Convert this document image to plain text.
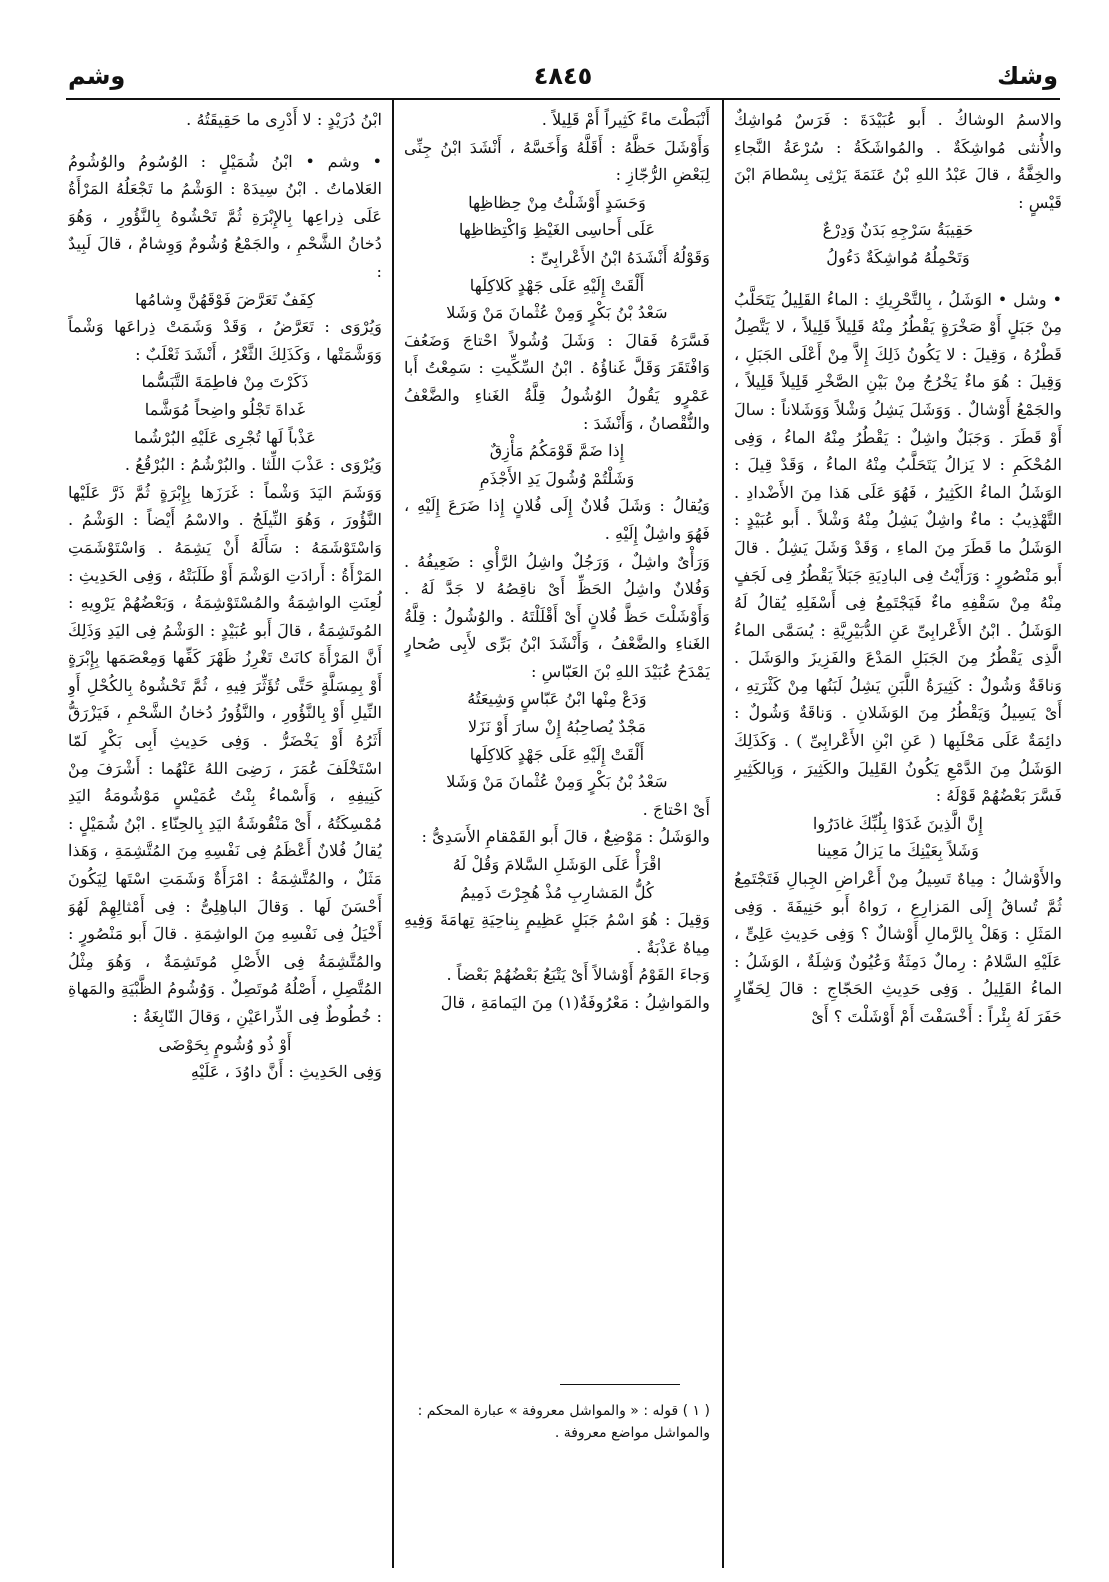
وشك
٤٨٤٥
وشم

والاسمُ الوشاكُ . أَبو عُبَيْدَةَ : فَرَسٌ مُواشِكٌ والأُنثى مُواشِكَةٌ . والمُواشَكَةُ : سُرْعَةُ النَّجاءِ والخِفَّةُ ، قالَ عَبْدُ اللهِ بْنُ عَنَمَةَ يَرْثِى بِسْطامَ ابْنَ قَيْسٍ :

حَقِيبَةُ سَرْجِهِ بَدَنٌ وَدِرْعٌ

وَتَحْمِلُهُ مُواشِكَةٌ دَءُولُ

• وشل • الوَشَلُ ، بِالتَّحْرِيكِ : الماءُ القَلِيلُ يَتَحَلَّبُ مِنْ جَبَلٍ أَوْ صَخْرَةٍ يَقْطُرُ مِنْهُ قَلِيلاً قَلِيلاً ، لا يَتَّصِلُ قَطْرُهُ ، وَقِيلَ : لا يَكُونُ ذَلِكَ إِلاَّ مِنْ أَعْلَى الجَبَلِ ، وَقِيلَ : هُوَ ماءٌ يَخْرُجُ مِنْ بَيْنِ الصَّخْرِ قَلِيلاً قَلِيلاً ، والجَمْعُ أَوْشالٌ . وَوَشَلَ يَشِلُ وَشْلاً وَوَشَلاناً : سالَ أَوْ قَطَرَ . وَجَبَلٌ واشِلٌ : يَقْطُرُ مِنْهُ الماءُ ، وَفِى المُحْكَمِ : لا يَزالُ يَتَحَلَّبُ مِنْهُ الماءُ ، وَقَدْ قِيلَ : الوَشَلُ الماءُ الكَثِيرُ ، فَهُوَ عَلَى هَذا مِنَ الأَضْدادِ . التَّهْذِيبُ : ماءٌ واشِلٌ يَشِلُ مِنْهُ وَشْلاً . أَبو عُبَيْدٍ : الوَشَلُ ما قَطَرَ مِنَ الماءِ ، وَقَدْ وَشَلَ يَشِلُ . قالَ أَبو مَنْصُورٍ : وَرَأَيْتُ فِى البادِيَةِ جَبَلاً يَقْطُرُ فِى لَجَفٍ مِنْهُ مِنْ سَقْفِهِ ماءٌ فَيَجْتَمِعُ فِى أَسْفَلِهِ يُقالُ لَهُ الوَشَلُ . ابْنُ الأَعْرابِىِّ عَنِ الدُّبَيْرِيَّةِ : يُسَمَّى الماءُ الَّذِى يَقْطُرُ مِنَ الجَبَلِ المَدْعَ والفَزِيزَ والوَشَلَ . وَناقَةٌ وَشُولٌ : كَثِيرَةُ اللَّبَنِ يَشِلُ لَبَنُها مِنْ كَثْرَتِهِ ، أَىْ يَسِيلُ وَيَقْطُرُ مِنَ الوَشَلانِ . وَناقَةٌ وَشُولٌ : دائِمَةٌ عَلَى مَحْلَبِها ( عَنِ ابْنِ الأَعْرابِىِّ ) . وَكَذَلِكَ الوَشَلُ مِنَ الدَّمْعِ يَكُونُ القَلِيلَ والكَثِيرَ ، وَبِالكَثِيرِ فَسَّرَ بَعْضُهُمْ قَوْلَهُ :

إِنَّ الَّذِينَ غَدَوْا بِلُبِّكَ غادَرُوا

وَشَلاً بِعَيْنِكَ ما يَزالُ مَعِينا

والأَوْشالُ : مِياهٌ تَسِيلُ مِنْ أَعْراضِ الجِبالِ فَتَجْتَمِعُ ثُمَّ تُساقُ إِلَى المَزارِعِ ، رَواهُ أَبو حَنِيفَةَ . وَفِى المَثَلِ : وَهَلْ بِالرَّمالِ أَوْشالٌ ؟ وَفِى حَدِيثِ عَلِىٍّ ، عَلَيْهِ السَّلامُ : رِمالٌ دَمِثَةٌ وَعُيُونٌ وَشِلَةٌ ، الوَشَلُ : الماءُ القَلِيلُ . وَفِى حَدِيثِ الحَجّاجِ : قالَ لِحَفّارٍ حَفَرَ لَهُ بِئْراً : أَخْسَفْتَ أَمْ أَوْشَلْتَ ؟ أَىْ

أَنْبَطْتَ ماءً كَثِيراً أَمْ قَلِيلاً .

وَأَوْشَلَ حَظَّهُ : أَقَلَّهُ وَأَخَسَّهُ ، أَنْشَدَ ابْنُ جِنِّى لِبَعْضِ الرُّجّازِ :

وَحَسَدٍ أَوْشَلْتُ مِنْ حِظاظِها

عَلَى أَحاسِى الغَيْظِ وَاكْتِظاظِها

وَقَوْلُهُ أَنْشَدَهُ ابْنُ الأَعْرابِىِّ :

أَلْقَتْ إِلَيْهِ عَلَى جَهْدٍ كَلاكِلَها

سَعْدُ بْنُ بَكْرٍ وَمِنْ عُثْمانَ مَنْ وَشَلا

فَسَّرَهُ فَقالَ : وَشَلَ وُشُولاً احْتاجَ وَضَعُفَ وَافْتَقَرَ وَقَلَّ غَناؤُهُ . ابْنُ السِّكِّيتِ : سَمِعْتُ أَبا عَمْرٍو يَقُولُ الوُشُولُ قِلَّةُ الغَناءِ والضَّعْفُ والنُّقْصانُ ، وَأَنْشَدَ :

إِذا ضَمَّ قَوْمَكُمُ مَأْزِقٌ

وَشَلْتُمْ وُشُولَ يَدِ الأَجْذَمِ

وَيُقالُ : وَشَلَ فُلانٌ إِلَى فُلانٍ إِذا ضَرَعَ إِلَيْهِ ، فَهُوَ واشِلٌ إِلَيْهِ .

وَرَأْىٌ واشِلٌ ، وَرَجُلٌ واشِلُ الرَّأْىِ : ضَعِيفُهُ . وَفُلانٌ واشِلُ الحَظِّ أَىْ ناقِصُهُ لا جَدَّ لَهُ . وَأَوْشَلْتَ حَظَّ فُلانٍ أَىْ أَقْلَلْتَهُ . والوُشُولُ : قِلَّةُ الغَناءِ والضَّعْفُ ، وَأَنْشَدَ ابْنُ بَرِّى لأَبِى صُحارٍ يَمْدَحُ عُبَيْدَ اللهِ بْنَ العَبّاسِ :

وَدَعْ مِنْها ابْنُ عَبّاسٍ وَشِيعَتُهُ

مَجْدٌ يُصاحِبُهُ إِنْ سارَ أَوْ نَزَلا

أَلْقَتْ إِلَيْهِ عَلَى جَهْدٍ كَلاكِلَها

سَعْدُ بْنُ بَكْرٍ وَمِنْ عُثْمانَ مَنْ وَشَلا

أَىْ احْتاجَ .

والوَشَلُ : مَوْضِعٌ ، قالَ أَبو القَمْقامِ الأَسَدِىُّ :

اقْرَأْ عَلَى الوَشَلِ السَّلامَ وَقُلْ لَهُ

كُلُّ المَشارِبِ مُذْ هُجِرْتَ ذَمِيمُ

وَقِيلَ : هُوَ اسْمُ جَبَلٍ عَظِيمٍ بِناحِيَةِ تِهامَةَ وَفِيهِ مِياهٌ عَذْبَةٌ .

وَجاءَ القَوْمُ أَوْشالاً أَىْ يَتْبَعُ بَعْضُهُمْ بَعْضاً .

والمَواشِلُ : مَعْرُوفَةٌ(١) مِنَ اليَمامَةِ ، قالَ

ابْنُ دُرَيْدٍ : لا أَدْرِى ما حَقِيقَتُهُ .

• وشم • ابْنُ شُمَيْلٍ : الوُسُومُ والوُشُومُ العَلاماتُ . ابْنُ سِيدَهْ : الوَشْمُ ما تَجْعَلُهُ المَرْأَةُ عَلَى ذِراعِها بِالإِبْرَةِ ثُمَّ تَحْشُوهُ بِالنَّؤُورِ ، وَهُوَ دُخانُ الشَّحْمِ ، والجَمْعُ وُشُومٌ وَوِشامٌ ، قالَ لَبِيدٌ :

كِفَفٌ تَعَرَّضَ فَوْقَهُنَّ وِشامُها

وَيُرْوَى : تَعَرَّضُ ، وَقَدْ وَشَمَتْ ذِراعَها وَشْماً وَوَشَّمَتْها ، وَكَذَلِكَ الثَّغْرُ ، أَنْشَدَ ثَعْلَبٌ :

ذَكَرْتَ مِنْ فاطِمَةَ التَّبَسُّما

غَداةَ تَجْلُو واضِحاً مُوَشَّما

عَذْباً لَها تُجْرِى عَلَيْهِ البُرْشُما

وَيُرْوَى : عَذْبَ اللِّثا . والبُرْشُمُ : البُرْقُعُ .

وَوَشَمَ اليَدَ وَشْماً : غَرَزَها بِإِبْرَةٍ ثُمَّ ذَرَّ عَلَيْها النَّؤُورَ ، وَهُوَ النِّيلَجُ . والاسْمُ أَيْضاً : الوَشْمُ . وَاسْتَوْشَمَهُ : سَأَلَهُ أَنْ يَشِمَهُ . وَاسْتَوْشَمَتِ المَرْأَةُ : أَرادَتِ الوَشْمَ أَوْ طَلَبَتْهُ ، وَفِى الحَدِيثِ : لُعِنَتِ الواشِمَةُ والمُسْتَوْشِمَةُ ، وَبَعْضُهُمْ يَرْوِيهِ : المُوتَشِمَةُ ، قالَ أَبو عُبَيْدٍ : الوَشْمُ فِى اليَدِ وَذَلِكَ أَنَّ المَرْأَةَ كانَتْ تَغْرِزُ ظَهْرَ كَفِّها وَمِعْصَمَها بِإِبْرَةٍ أَوْ بِمِسَلَّةٍ حَتَّى تُؤَثِّرَ فِيهِ ، ثُمَّ تَحْشُوهُ بِالكُحْلِ أَوِ النِّيلِ أَوْ بِالنَّؤُورِ ، والنَّؤُورُ دُخانُ الشَّحْمِ ، فَيَزْرَقُّ أَثَرُهُ أَوْ يَخْضَرُّ . وَفِى حَدِيثِ أَبِى بَكْرٍ لَمّا اسْتَخْلَفَ عُمَرَ ، رَضِىَ اللهُ عَنْهُما : أَشْرَفَ مِنْ كَنِيفِهِ ، وَأَسْماءُ بِنْتُ عُمَيْسٍ مَوْشُومَةُ اليَدِ مُمْسِكَتُهُ ، أَىْ مَنْقُوشَةُ اليَدِ بِالحِنّاءِ . ابْنُ شُمَيْلٍ : يُقالُ فُلانٌ أَعْظَمُ فِى نَفْسِهِ مِنَ المُتَّشِمَةِ ، وَهَذا مَثَلٌ ، والمُتَّشِمَةُ : امْرَأَةٌ وَشَمَتِ اسْتَها لِيَكُونَ أَحْسَنَ لَها . وَقالَ الباهِلِىُّ : فِى أَمْثالِهِمْ لَهُوَ أَخْيَلُ فِى نَفْسِهِ مِنَ الواشِمَةِ . قالَ أَبو مَنْصُورٍ : والمُتَّشِمَةُ فِى الأَصْلِ مُوتَشِمَةٌ ، وَهُوَ مِثْلُ المُتَّصِلِ ، أَصْلُهُ مُوتَصِلٌ . وَوُشُومُ الظَّبْيَةِ والمَهاةِ : خُطُوطٌ فِى الذِّراعَيْنِ ، وَقالَ النّابِغَةُ :

أَوْ ذُو وُشُومٍ بِحَوْضَى

وَفِى الحَدِيثِ : أَنَّ داوُدَ ، عَلَيْهِ

( ١ ) قوله : « والمواشل معروفة » عبارة المحكم : والمواشل مواضع معروفة .
